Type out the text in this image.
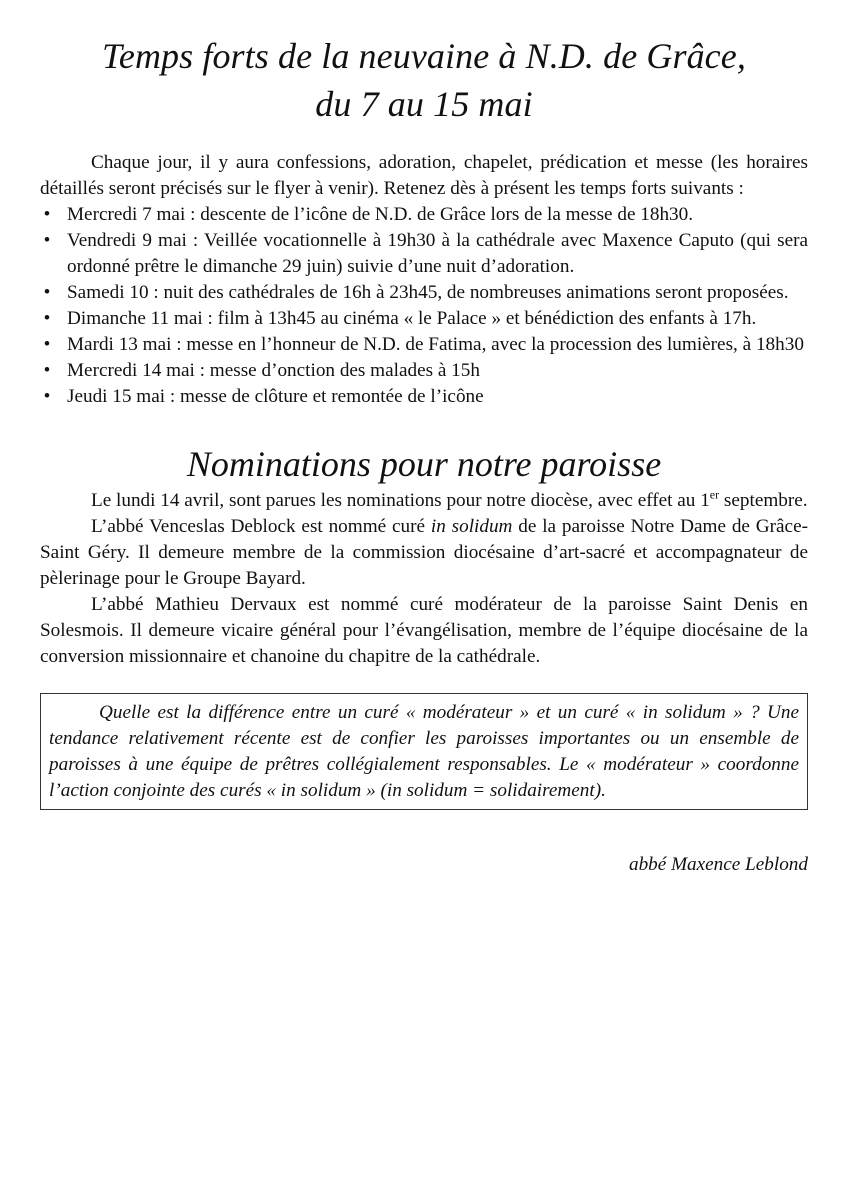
Temps forts de la neuvaine à N.D. de Grâce,
du 7 au 15 mai

Chaque jour, il y aura confessions, adoration, chapelet, prédication et messe (les horaires détaillés seront précisés sur le flyer à venir). Retenez dès à présent les temps forts suivants :

• Mercredi 7 mai : descente de l’icône de N.D. de Grâce lors de la messe de 18h30.
• Vendredi 9 mai : Veillée vocationnelle à 19h30 à la cathédrale avec Maxence Caputo (qui sera ordonné prêtre le dimanche 29 juin) suivie d’une nuit d’adoration.
• Samedi 10 : nuit des cathédrales de 16h à 23h45, de nombreuses animations seront proposées.
• Dimanche 11 mai : film à 13h45 au cinéma « le Palace » et bénédiction des enfants à 17h.
• Mardi 13 mai : messe en l’honneur de N.D. de Fatima, avec la procession des lumières, à 18h30
• Mercredi 14 mai : messe d’onction des malades à 15h
• Jeudi 15 mai : messe de clôture et remontée de l’icône
Nominations pour notre paroisse

Le lundi 14 avril, sont parues les nominations pour notre diocèse, avec effet au 1er septembre.

L’abbé Venceslas Deblock est nommé curé in solidum de la paroisse Notre Dame de Grâce-Saint Géry. Il demeure membre de la commission diocésaine d’art-sacré et accompagnateur de pèlerinage pour le Groupe Bayard.

L’abbé Mathieu Dervaux est nommé curé modérateur de la paroisse Saint Denis en Solesmois. Il demeure vicaire général pour l’évangélisation, membre de l’équipe diocésaine de la conversion missionnaire et chanoine du chapitre de la cathédrale.

Quelle est la différence entre un curé « modérateur » et un curé « in solidum » ? Une tendance relativement récente est de confier les paroisses importantes ou un ensemble de paroisses à une équipe de prêtres collégialement responsables. Le « modérateur » coordonne l’action conjointe des curés « in solidum » (in solidum = solidairement).

abbé Maxence Leblond
